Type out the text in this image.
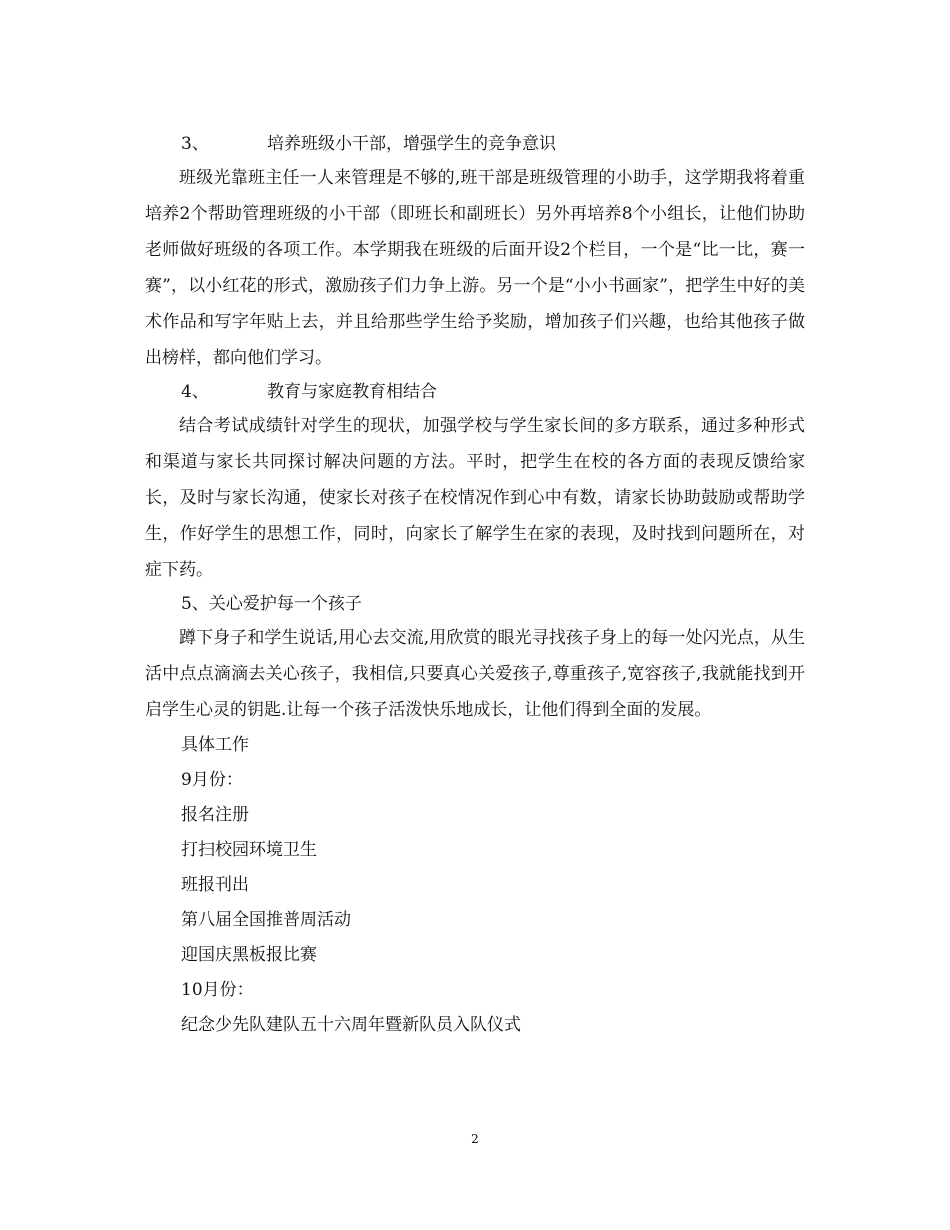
3、	培养班级小干部，增强学生的竞争意识
班级光靠班主任一人来管理是不够的,班干部是班级管理的小助手，这学期我将着重培养2个帮助管理班级的小干部（即班长和副班长）另外再培养8个小组长，让他们协助老师做好班级的各项工作。本学期我在班级的后面开设2个栏目，一个是“比一比，赛一赛”，以小红花的形式，激励孩子们力争上游。另一个是“小小书画家”，把学生中好的美术作品和写字年贴上去，并且给那些学生给予奖励，增加孩子们兴趣，也给其他孩子做出榜样，都向他们学习。
4、	教育与家庭教育相结合
结合考试成绩针对学生的现状，加强学校与学生家长间的多方联系，通过多种形式和渠道与家长共同探讨解决问题的方法。平时，把学生在校的各方面的表现反馈给家长，及时与家长沟通，使家长对孩子在校情况作到心中有数，请家长协助鼓励或帮助学生，作好学生的思想工作，同时，向家长了解学生在家的表现，及时找到问题所在，对症下药。
5、关心爱护每一个孩子
蹲下身子和学生说话,用心去交流,用欣赏的眼光寻找孩子身上的每一处闪光点，从生活中点点滴滴去关心孩子，我相信,只要真心关爱孩子,尊重孩子,宽容孩子,我就能找到开启学生心灵的钥匙.让每一个孩子活泼快乐地成长，让他们得到全面的发展。
具体工作
9月份：
报名注册
打扫校园环境卫生
班报刊出
第八届全国推普周活动
迎国庆黑板报比赛
10月份：
纪念少先队建队五十六周年暨新队员入队仪式
2
